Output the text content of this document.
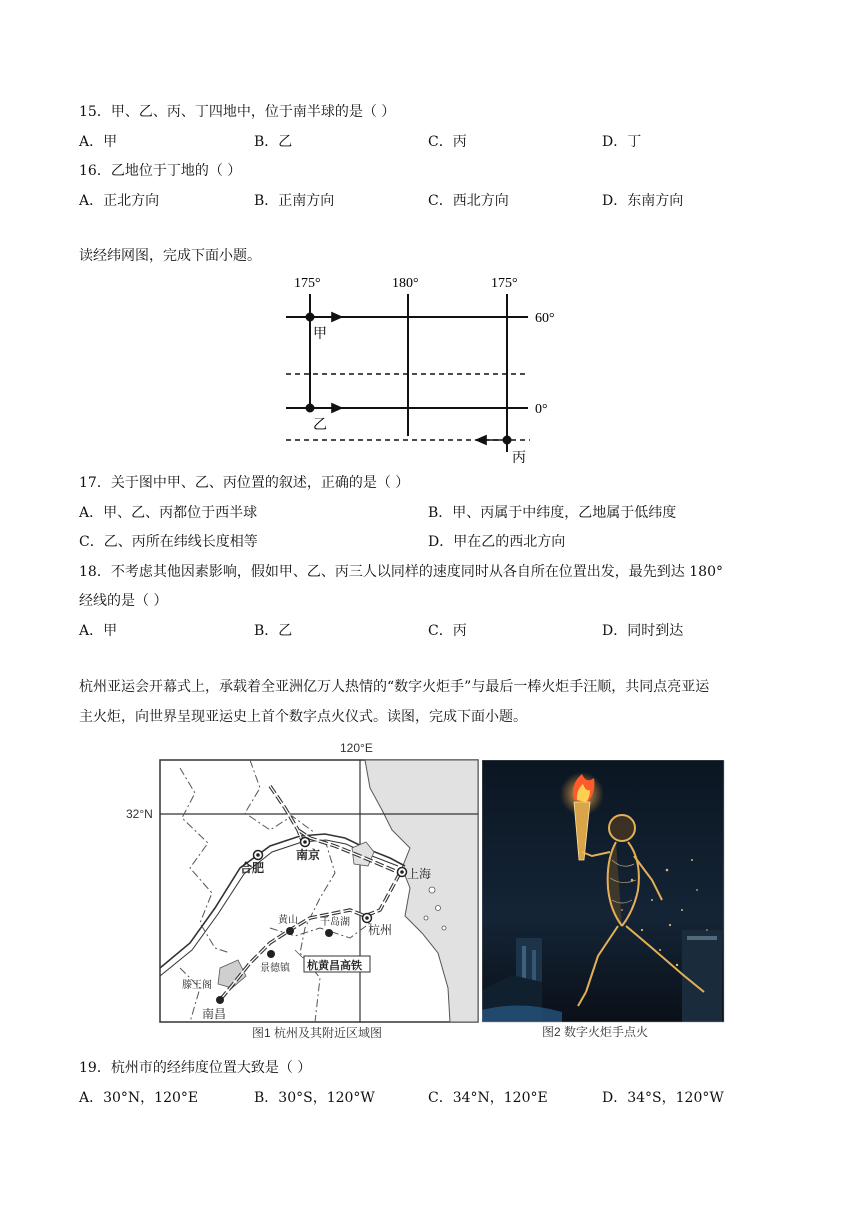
15．甲、乙、丙、丁四地中，位于南半球的是（ ）
A．甲	B．乙	C．丙	D．丁
16．乙地位于丁地的（ ）
A．正北方向	B．正南方向	C．西北方向	D．东南方向
读经纬网图，完成下面小题。
175°	180°	175°
60°
0°
甲
乙
丙
17．关于图中甲、乙、丙位置的叙述，正确的是（ ）
A．甲、乙、丙都位于西半球	B．甲、丙属于中纬度，乙地属于低纬度
C．乙、丙所在纬线长度相等	D．甲在乙的西北方向
18．不考虑其他因素影响，假如甲、乙、丙三人以同样的速度同时从各自所在位置出发，最先到达 180°
经线的是（ ）
A．甲	B．乙	C．丙	D．同时到达
杭州亚运会开幕式上，承载着全亚洲亿万人热情的“数字火炬手”与最后一棒火炬手汪顺，共同点亮亚运
主火炬，向世界呈现亚运史上首个数字点火仪式。读图，完成下面小题。
120°E
32°N
南京
合肥	上海
黄山 千岛湖
杭州
景德镇
滕王阁
南昌
杭黄昌高铁
图1 杭州及其附近区域图	图2 数字火炬手点火
19．杭州市的经纬度位置大致是（ ）
A．30°N，120°E	B．30°S，120°W	C．34°N，120°E	D．34°S，120°W
